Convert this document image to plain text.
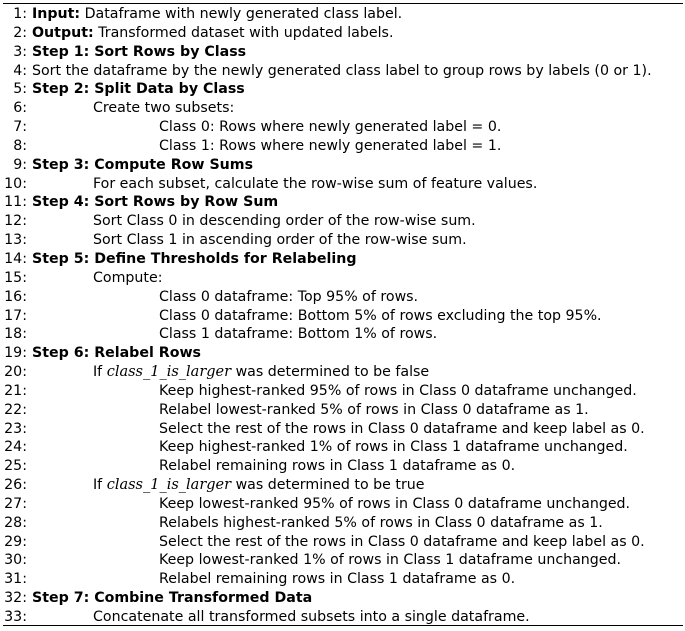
1: Input: Dataframe with newly generated class label.
2: Output: Transformed dataset with updated labels.
3: Step 1: Sort Rows by Class
4: Sort the dataframe by the newly generated class label to group rows by labels (0 or 1).
5: Step 2: Split Data by Class
6:	Create two subsets:
7:	Class 0: Rows where newly generated label = 0.
8:	Class 1: Rows where newly generated label = 1.
9: Step 3: Compute Row Sums
10:	For each subset, calculate the row-wise sum of feature values.
11: Step 4: Sort Rows by Row Sum
12:	Sort Class 0 in descending order of the row-wise sum.
13:	Sort Class 1 in ascending order of the row-wise sum.
14: Step 5: Define Thresholds for Relabeling
15:	Compute:
16:	Class 0 dataframe: Top 95% of rows.
17:	Class 0 dataframe: Bottom 5% of rows excluding the top 95%.
18:	Class 1 dataframe: Bottom 1% of rows.
19: Step 6: Relabel Rows
20:	If class_1_is_larger was determined to be false
21:	Keep highest-ranked 95% of rows in Class 0 dataframe unchanged.
22:	Relabel lowest-ranked 5% of rows in Class 0 dataframe as 1.
23:	Select the rest of the rows in Class 0 dataframe and keep label as 0.
24:	Keep highest-ranked 1% of rows in Class 1 dataframe unchanged.
25:	Relabel remaining rows in Class 1 dataframe as 0.
26:	If class_1_is_larger was determined to be true
27:	Keep lowest-ranked 95% of rows in Class 0 dataframe unchanged.
28:	Relabels highest-ranked 5% of rows in Class 0 dataframe as 1.
29:	Select the rest of the rows in Class 0 dataframe and keep label as 0.
30:	Keep lowest-ranked 1% of rows in Class 1 dataframe unchanged.
31:	Relabel remaining rows in Class 1 dataframe as 0.
32: Step 7: Combine Transformed Data
33:	Concatenate all transformed subsets into a single dataframe.
